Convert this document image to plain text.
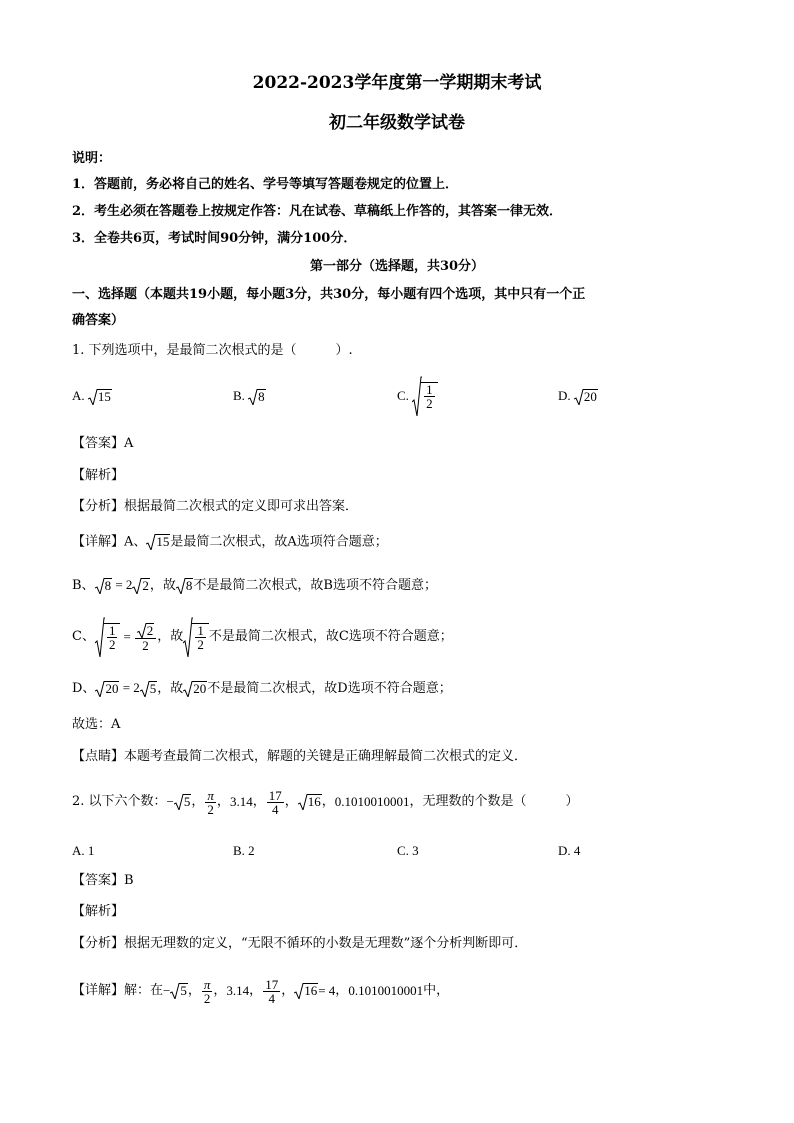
2022-2023学年度第一学期期末考试
初二年级数学试卷
说明：
1．答题前，务必将自己的姓名、学号等填写答题卷规定的位置上．
2．考生必须在答题卷上按规定作答：凡在试卷、草稿纸上作答的，其答案一律无效．
3．全卷共6页，考试时间90分钟，满分100分．
第一部分（选择题，共30分）
一、选择题（本题共19小题，每小题3分，共30分，每小题有四个选项，其中只有一个正
确答案）
1. 下列选项中，是最简二次根式的是（　　　）.
A. 15	B. 8	C. $\frac{1}{2}$	D. 20
【答案】A
【解析】
【分析】根据最简二次根式的定义即可求出答案．
【详解】A、 15是最简二次根式，故A选项符合题意；
B、 8 = 2 2，故 8不是最简二次根式，故B选项不符合题意；
C、 $\frac{1}{2} = \frac{2}{2}$ ，故 $\frac{1}{2}$ 不是最简二次根式，故C选项不符合题意；
D、 20 = 2 5，故 20不是最简二次根式，故D选项不符合题意；
故选：A
【点睛】本题考查最简二次根式，解题的关键是正确理解最简二次根式的定义．
2. 以下六个数： − 5 ， $\frac{\pi}{2}$ ， 3.14 ， $\frac{17}{4}$ ， 16 ， 0.1010010001 ，无理数的个数是（　　　）
A. 1	B. 2	C. 3	D. 4
【答案】B
【解析】
【分析】根据无理数的定义，“无限不循环的小数是无理数”逐个分析判断即可．
【详解】 解：在 − 5 ， $\frac{\pi}{2}$ ， 3.14 ， $\frac{17}{4}$ ， 16 = 4 ， 0.1010010001 中，
